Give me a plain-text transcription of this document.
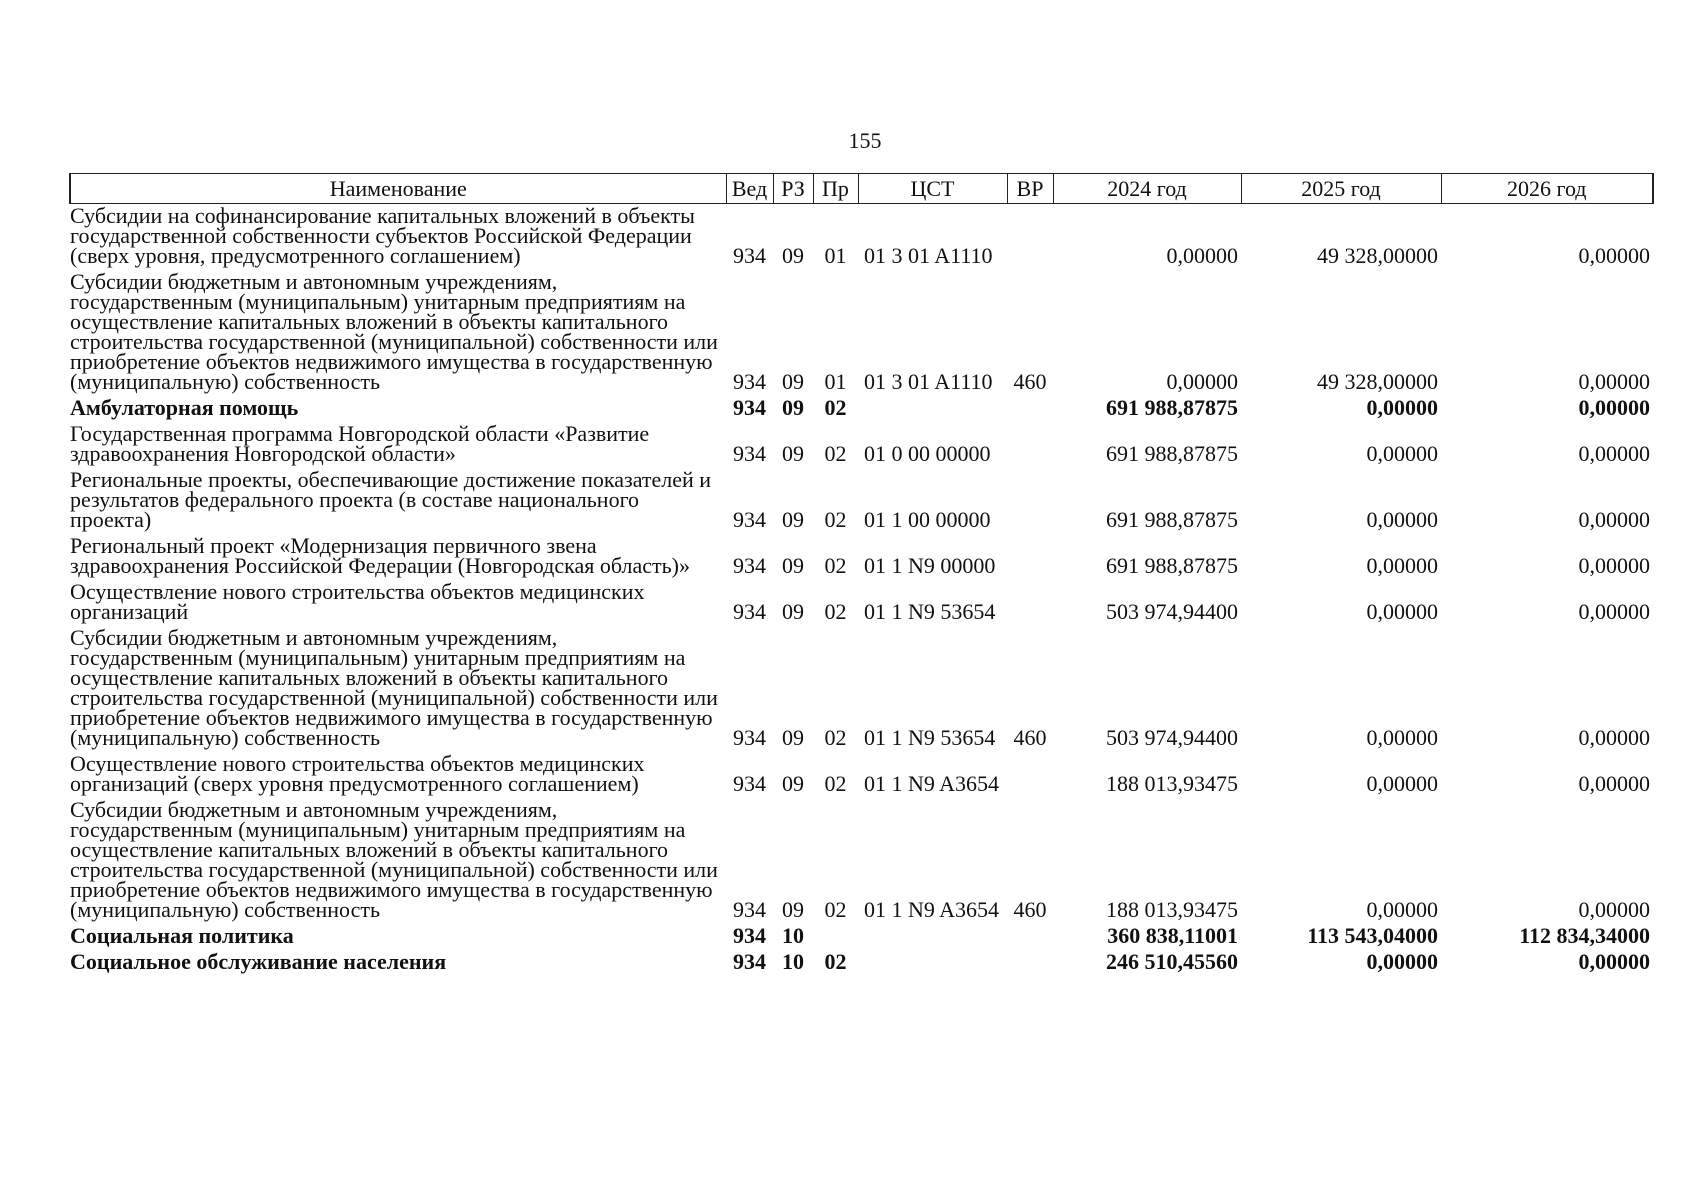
155
Наименование	Вед	РЗ	Пр	ЦСТ	ВР	2024 год	2025 год	2026 год
Субсидии на софинансирование капитальных вложений в объекты государственной собственности субъектов Российской Федерации (сверх уровня, предусмотренного соглашением)	934	09	01	01 3 01 A1110		0,00000	49 328,00000	0,00000
Субсидии бюджетным и автономным учреждениям, государственным (муниципальным) унитарным предприятиям на осуществление капитальных вложений в объекты капитального строительства государственной (муниципальной) собственности или приобретение объектов недвижимого имущества в государственную (муниципальную) собственность	934	09	01	01 3 01 A1110	460	0,00000	49 328,00000	0,00000
Амбулаторная помощь	934	09	02			691 988,87875	0,00000	0,00000
Государственная программа Новгородской области «Развитие здравоохранения Новгородской области»	934	09	02	01 0 00 00000		691 988,87875	0,00000	0,00000
Региональные проекты, обеспечивающие достижение показателей и результатов федерального проекта (в составе национального проекта)	934	09	02	01 1 00 00000		691 988,87875	0,00000	0,00000
Региональный проект «Модернизация первичного звена здравоохранения Российской Федерации (Новгородская область)»	934	09	02	01 1 N9 00000		691 988,87875	0,00000	0,00000
Осуществление нового строительства объектов медицинских организаций	934	09	02	01 1 N9 53654		503 974,94400	0,00000	0,00000
Субсидии бюджетным и автономным учреждениям, государственным (муниципальным) унитарным предприятиям на осуществление капитальных вложений в объекты капитального строительства государственной (муниципальной) собственности или приобретение объектов недвижимого имущества в государственную (муниципальную) собственность	934	09	02	01 1 N9 53654	460	503 974,94400	0,00000	0,00000
Осуществление нового строительства объектов медицинских организаций (сверх уровня предусмотренного соглашением)	934	09	02	01 1 N9 A3654		188 013,93475	0,00000	0,00000
Субсидии бюджетным и автономным учреждениям, государственным (муниципальным) унитарным предприятиям на осуществление капитальных вложений в объекты капитального строительства государственной (муниципальной) собственности или приобретение объектов недвижимого имущества в государственную (муниципальную) собственность	934	09	02	01 1 N9 A3654	460	188 013,93475	0,00000	0,00000
Социальная политика	934	10				360 838,11001	113 543,04000	112 834,34000
Социальное обслуживание населения	934	10	02			246 510,45560	0,00000	0,00000
